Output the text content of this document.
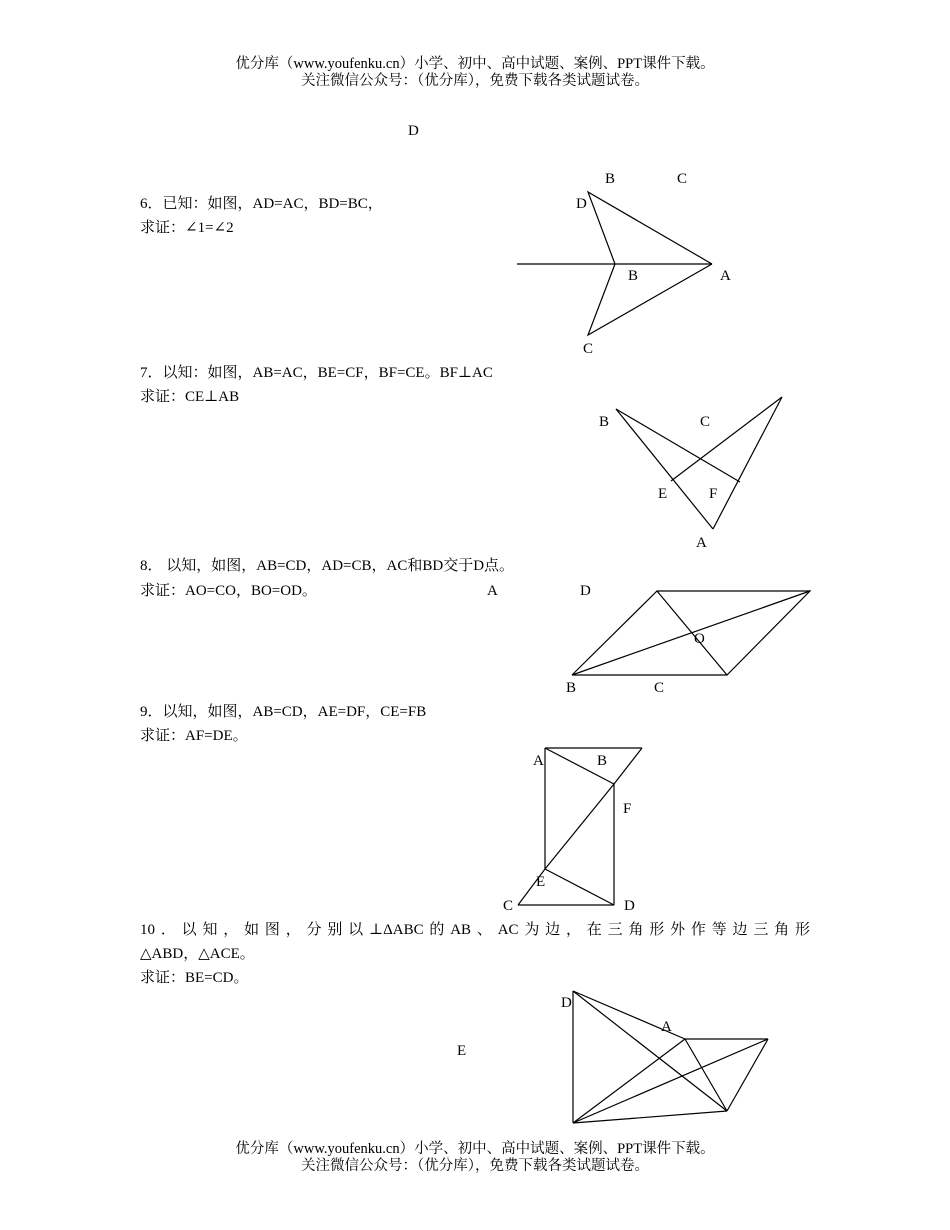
优分库（www.youfenku.cn）小学、初中、高中试题、案例、PPT课件下载。
关注微信公众号：（优分库），免费下载各类试题试卷。
D
6．已知：如图，AD=AC，BD=BC，
求证：∠1=∠2
B	C
D
B	A
C
7．以知：如图，AB=AC，BE=CF，BF=CE。BF⊥AC
求证：CE⊥AB
B	C
E	F
A
8． 以知，如图，AB=CD，AD=CB，AC和BD交于D点。
求证：AO=CO，BO=OD。	A	D
O
B	C
9．以知，如图，AB=CD，AE=DF，CE=FB
求证：AF=DE。
A	B
F
E
C	D
10．以知，如图，分别以⊥ΔABC的AB、AC为边，在三角形外作等边三角形
△ABD，△ACE。
求证：BE=CD。
D
A
E
优分库（www.youfenku.cn）小学、初中、高中试题、案例、PPT课件下载。
关注微信公众号：（优分库），免费下载各类试题试卷。
